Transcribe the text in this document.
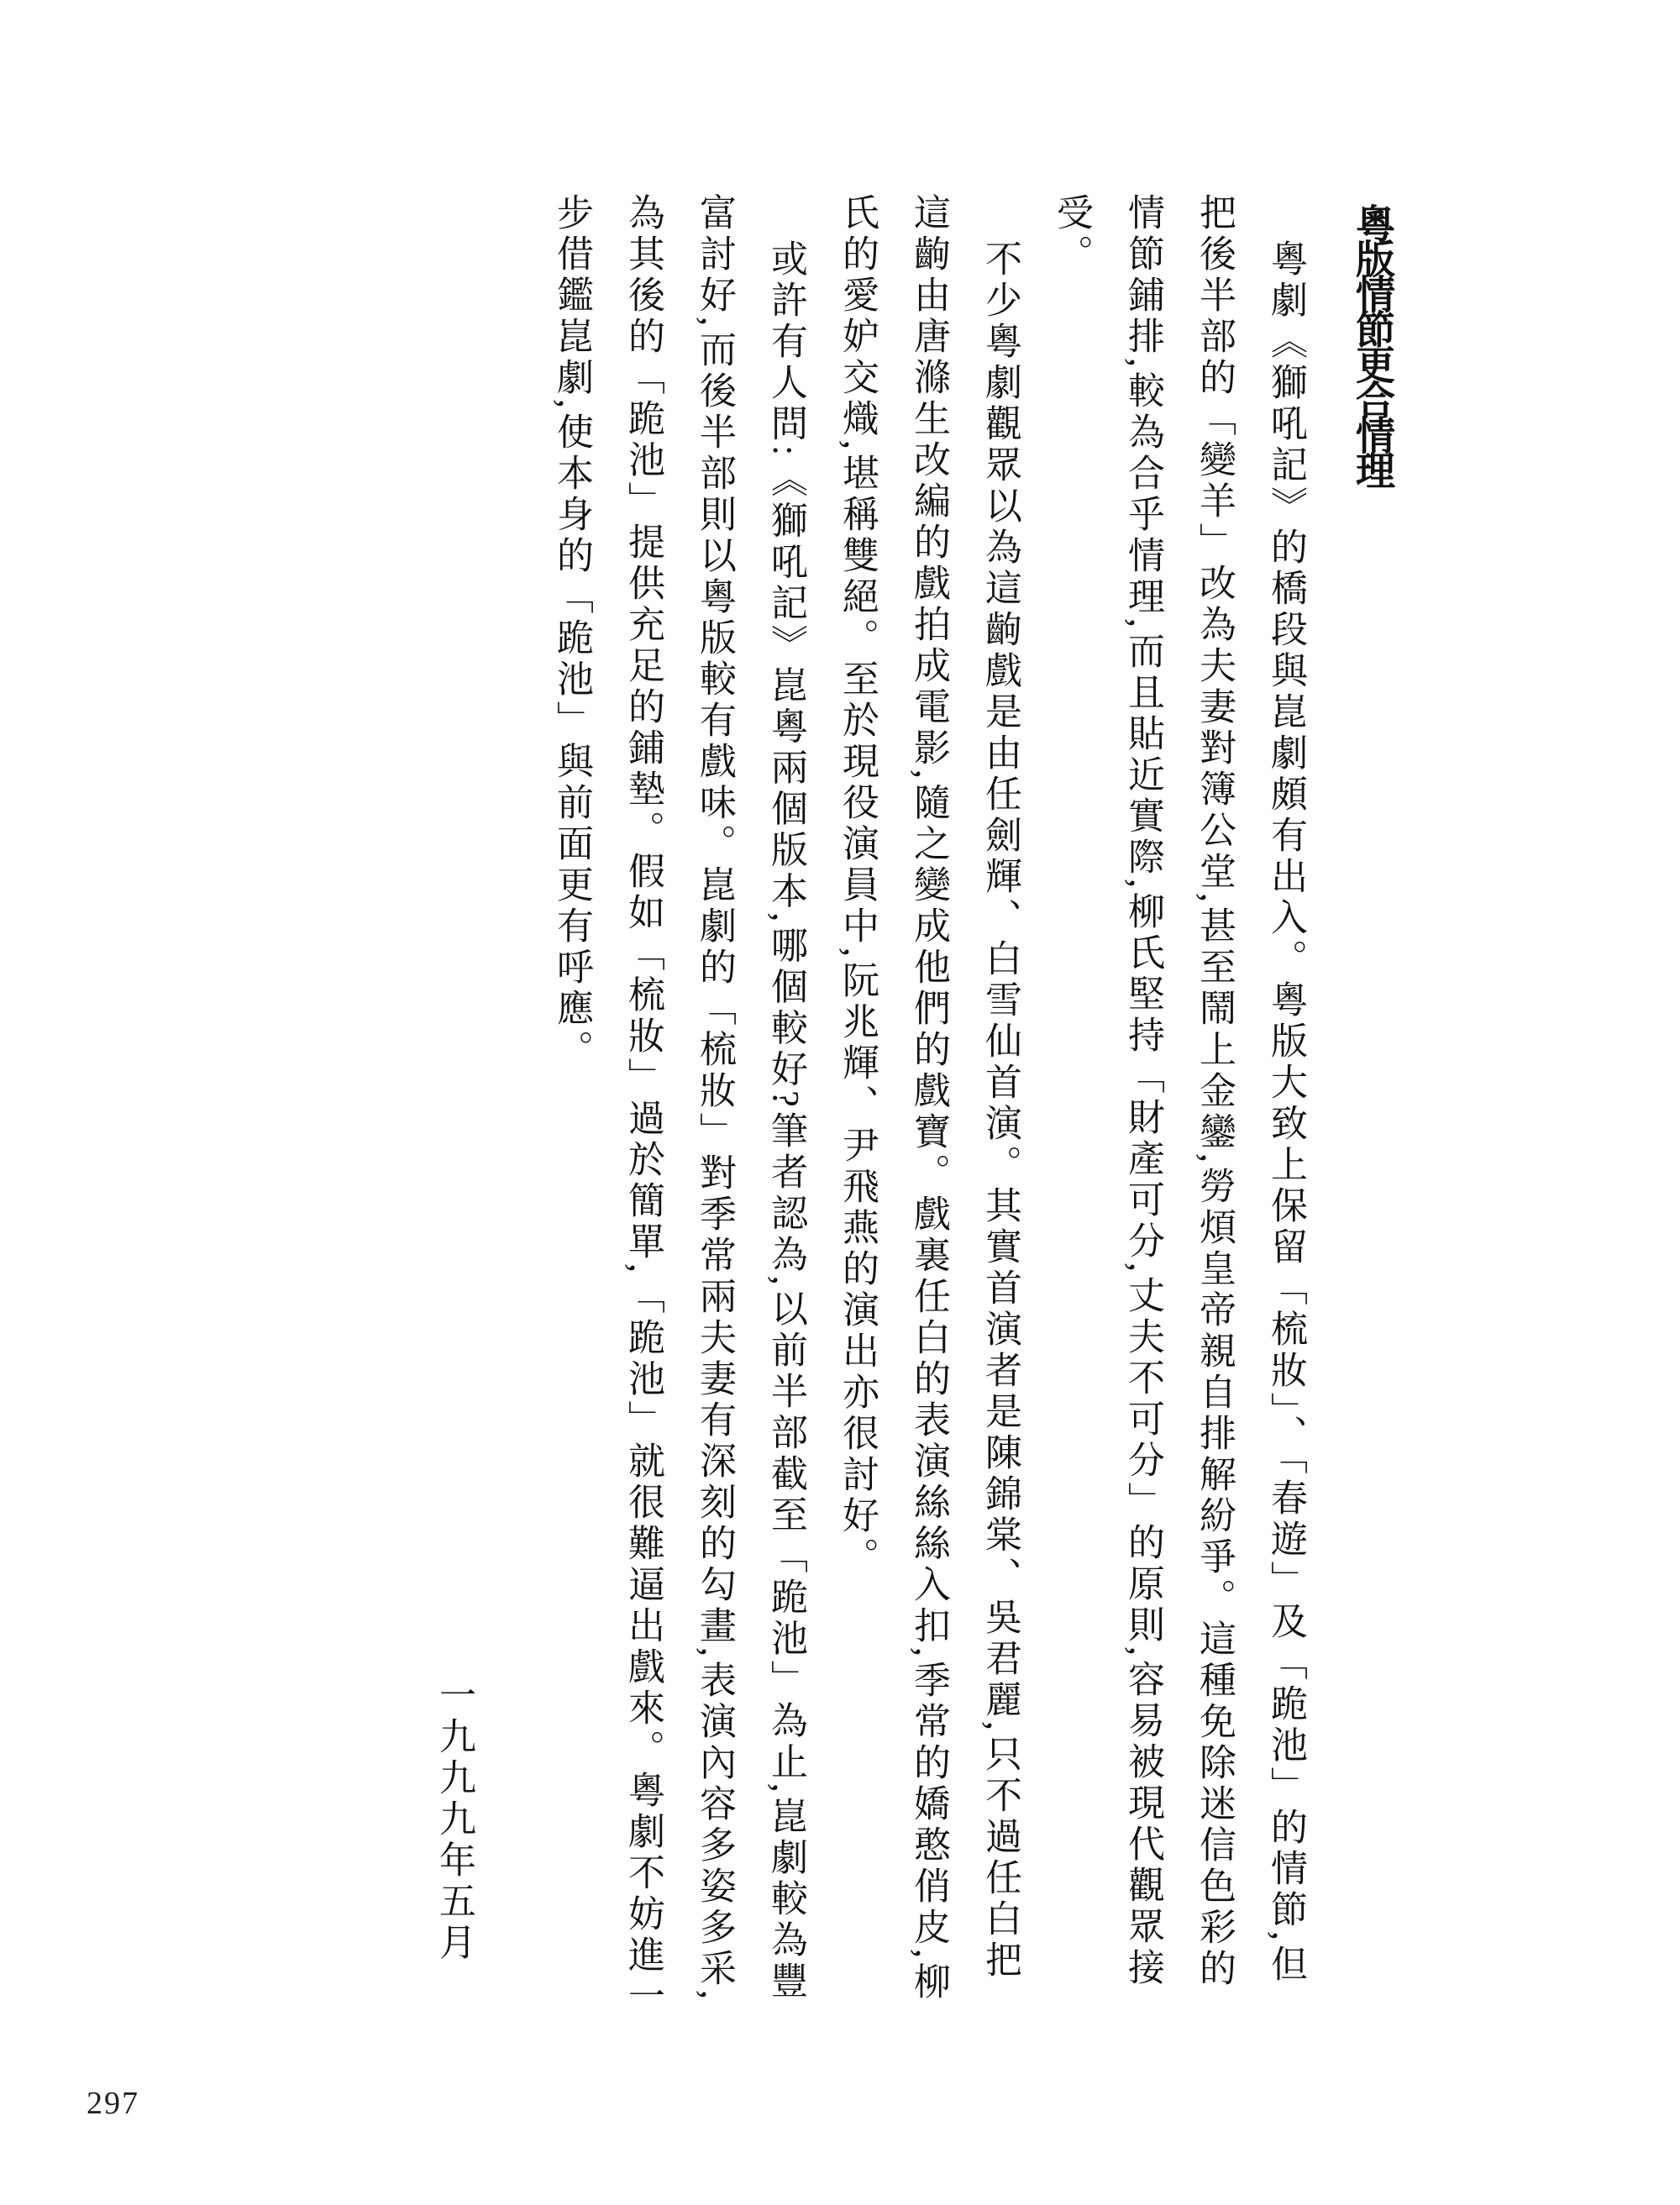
粵版情節更合情理

粵劇《獅吼記》的橋段與崑劇頗有出入。粵版大致上保留「梳妝」、「春遊」及「跪池」的情節,但把後半部的「變羊」改為夫妻對簿公堂,甚至鬧上金鑾,勞煩皇帝親自排解紛爭。這種免除迷信色彩的情節鋪排,較為合乎情理,而且貼近實際,柳氏堅持「財產可分,丈夫不可分」的原則,容易被現代觀眾接受。

不少粵劇觀眾以為這齣戲是由任劍輝、白雪仙首演。其實首演者是陳錦棠、吳君麗,只不過任白把這齣由唐滌生改編的戲拍成電影,隨之變成他們的戲寶。戲裏任白的表演絲絲入扣,季常的嬌憨俏皮,柳氏的愛妒交熾,堪稱雙絕。至於現役演員中,阮兆輝、尹飛燕的演出亦很討好。

或許有人問:《獅吼記》崑粵兩個版本,哪個較好?筆者認為,以前半部截至「跪池」為止,崑劇較為豐富討好,而後半部則以粵版較有戲味。崑劇的「梳妝」對季常兩夫妻有深刻的勾畫,表演內容多姿多采,為其後的「跪池」提供充足的鋪墊。假如「梳妝」過於簡單,「跪池」就很難逼出戲來。粵劇不妨進一步借鑑崑劇,使本身的「跪池」與前面更有呼應。

一九九九年五月

297
